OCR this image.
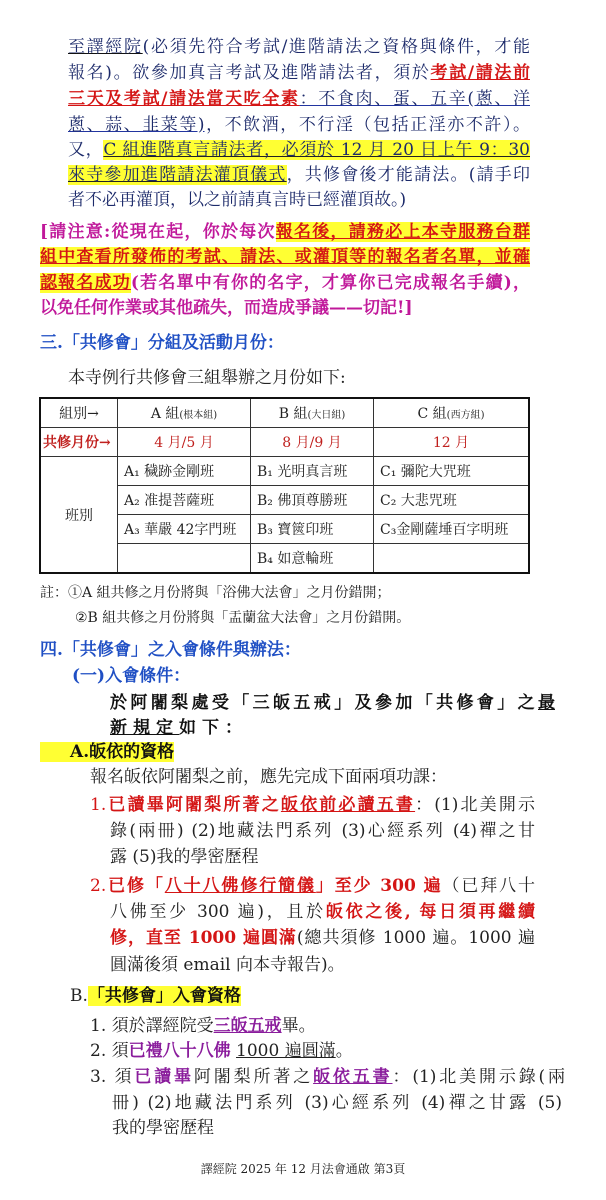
至譯經院(必須先符合考試/進階請法之資格與條件，才能
報名)。欲參加真言考試及進階請法者，須於考試/請法前
三天及考試/請法當天吃全素：不食肉、蛋、五辛(蔥、洋
蔥、蒜、韭菜等)，不飲酒，不行淫（包括正淫亦不許）。
又，C 組進階真言請法者，必須於 12 月 20 日上午 9：30
來寺參加進階請法灌頂儀式，共修會後才能請法。(請手印
者不必再灌頂，以之前請真言時已經灌頂故。)
[請注意:從現在起，你於每次報名後，請務必上本寺服務台群
組中查看所發佈的考試、請法、或灌頂等的報名者名單，並確
認報名成功(若名單中有你的名字，才算你已完成報名手續)，
以免任何作業或其他疏失，而造成爭議——切記!]
三.「共修會」分組及活動月份：
本寺例行共修會三組舉辦之月份如下:
組別→	A 組(根本組)	B 組(大日組)	C 組(西方組)
共修月份→	4 月/5 月	8 月/9 月	12 月
班別	A₁ 穢跡金剛班	B₁ 光明真言班	C₁ 彌陀大咒班
	A₂ 准提菩薩班	B₂ 佛頂尊勝班	C₂ 大悲咒班
	A₃ 華嚴 42字門班	B₃ 寶篋印班	C₃金剛薩埵百字明班
		B₄ 如意輪班	
註：①A 組共修之月份將與「浴佛大法會」之月份錯開；
②B 組共修之月份將與「盂蘭盆大法會」之月份錯開。
四.「共修會」之入會條件與辦法：
(一)入會條件：
於阿闍梨處受「三皈五戒」及參加「共修會」之最
新規定如下：
A.皈依的資格
報名皈依阿闍梨之前，應先完成下面兩項功課：
1.已讀畢阿闍梨所著之皈依前必讀五書：(1)北美開示
錄(兩冊) (2)地藏法門系列 (3)心經系列 (4)禪之甘
露 (5)我的學密歷程
2.已修「八十八佛修行簡儀」至少 300 遍（已拜八十
八佛至少 300 遍)，且於皈依之後, 每日須再繼續
修，直至 1000 遍圓滿(總共須修 1000 遍。1000 遍
圓滿後須 email 向本寺報告)。
B.「共修會」入會資格
1. 須於譯經院受三皈五戒畢。
2. 須已禮八十八佛 1000 遍圓滿。
3. 須已讀畢阿闍梨所著之皈依五書：(1)北美開示錄(兩
冊) (2)地藏法門系列 (3)心經系列 (4)禪之甘露 (5)
我的學密歷程
譯經院 2025 年 12 月法會通啟 第3頁
